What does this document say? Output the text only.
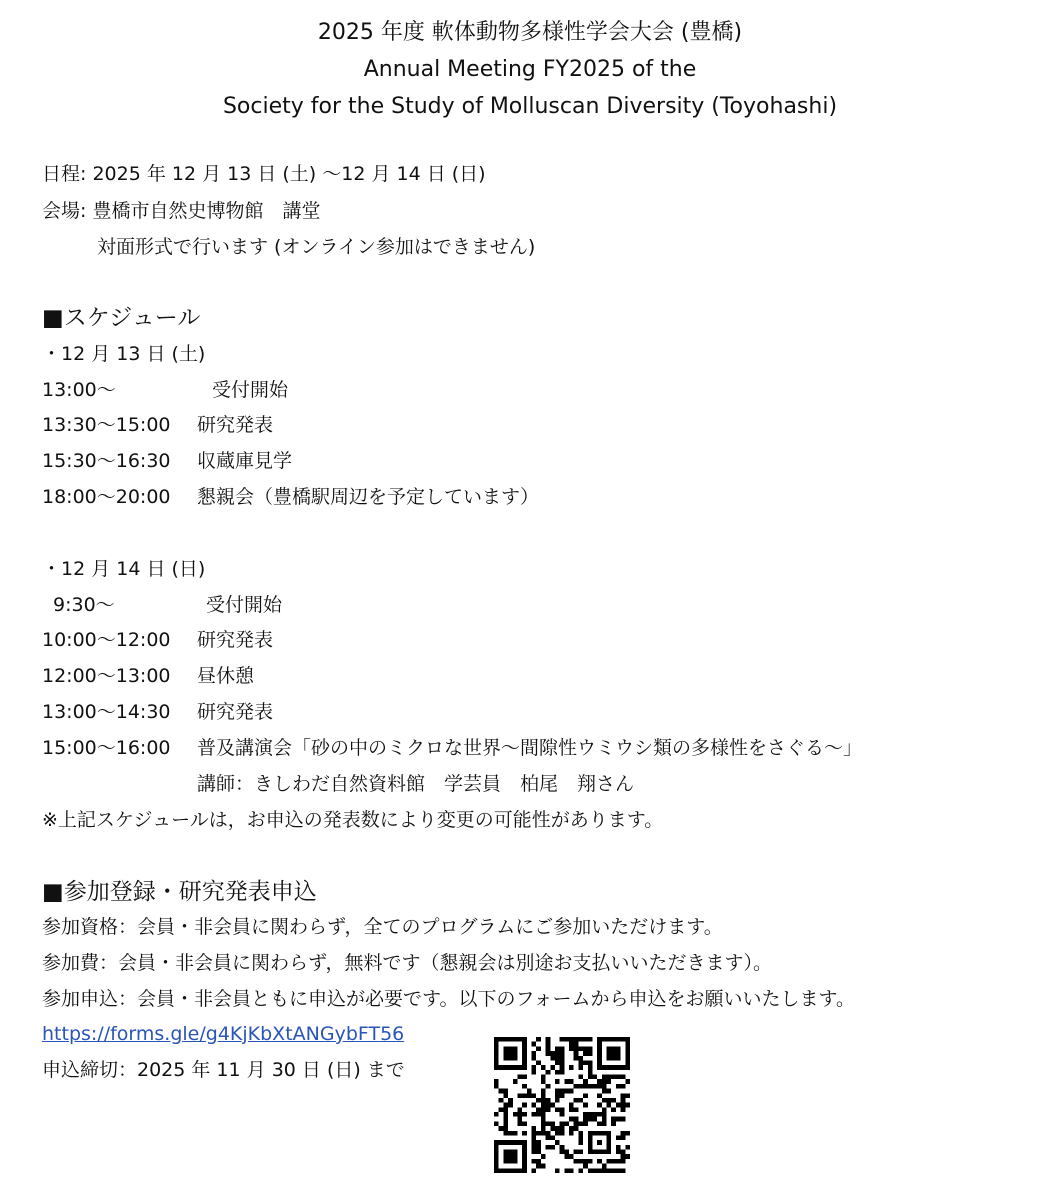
2025 年度 軟体動物多様性学会大会 (豊橋)
Annual Meeting FY2025 of the
Society for the Study of Molluscan Diversity (Toyohashi)
日程: 2025 年 12 月 13 日 (土) ～12 月 14 日 (日)
会場: 豊橋市自然史博物館　講堂
対面形式で行います (オンライン参加はできません)
■スケジュール
・12 月 13 日 (土)
13:00～	受付開始
13:30～15:00 研究発表
15:30～16:30 収蔵庫見学
18:00～20:00 懇親会（豊橋駅周辺を予定しています）
・12 月 14 日 (日)
9:30～	受付開始
10:00～12:00 研究発表
12:00～13:00 昼休憩
13:00～14:30 研究発表
15:00～16:00 普及講演会「砂の中のミクロな世界～間隙性ウミウシ類の多様性をさぐる～」
講師：きしわだ自然資料館　学芸員　柏尾　翔さん
※上記スケジュールは，お申込の発表数により変更の可能性があります。
■参加登録・研究発表申込
参加資格：会員・非会員に関わらず，全てのプログラムにご参加いただけます。
参加費：会員・非会員に関わらず，無料です（懇親会は別途お支払いいただきます）。
参加申込：会員・非会員ともに申込が必要です。以下のフォームから申込をお願いいたします。
https://forms.gle/g4KjKbXtANGybFT56
申込締切：2025 年 11 月 30 日 (日) まで
